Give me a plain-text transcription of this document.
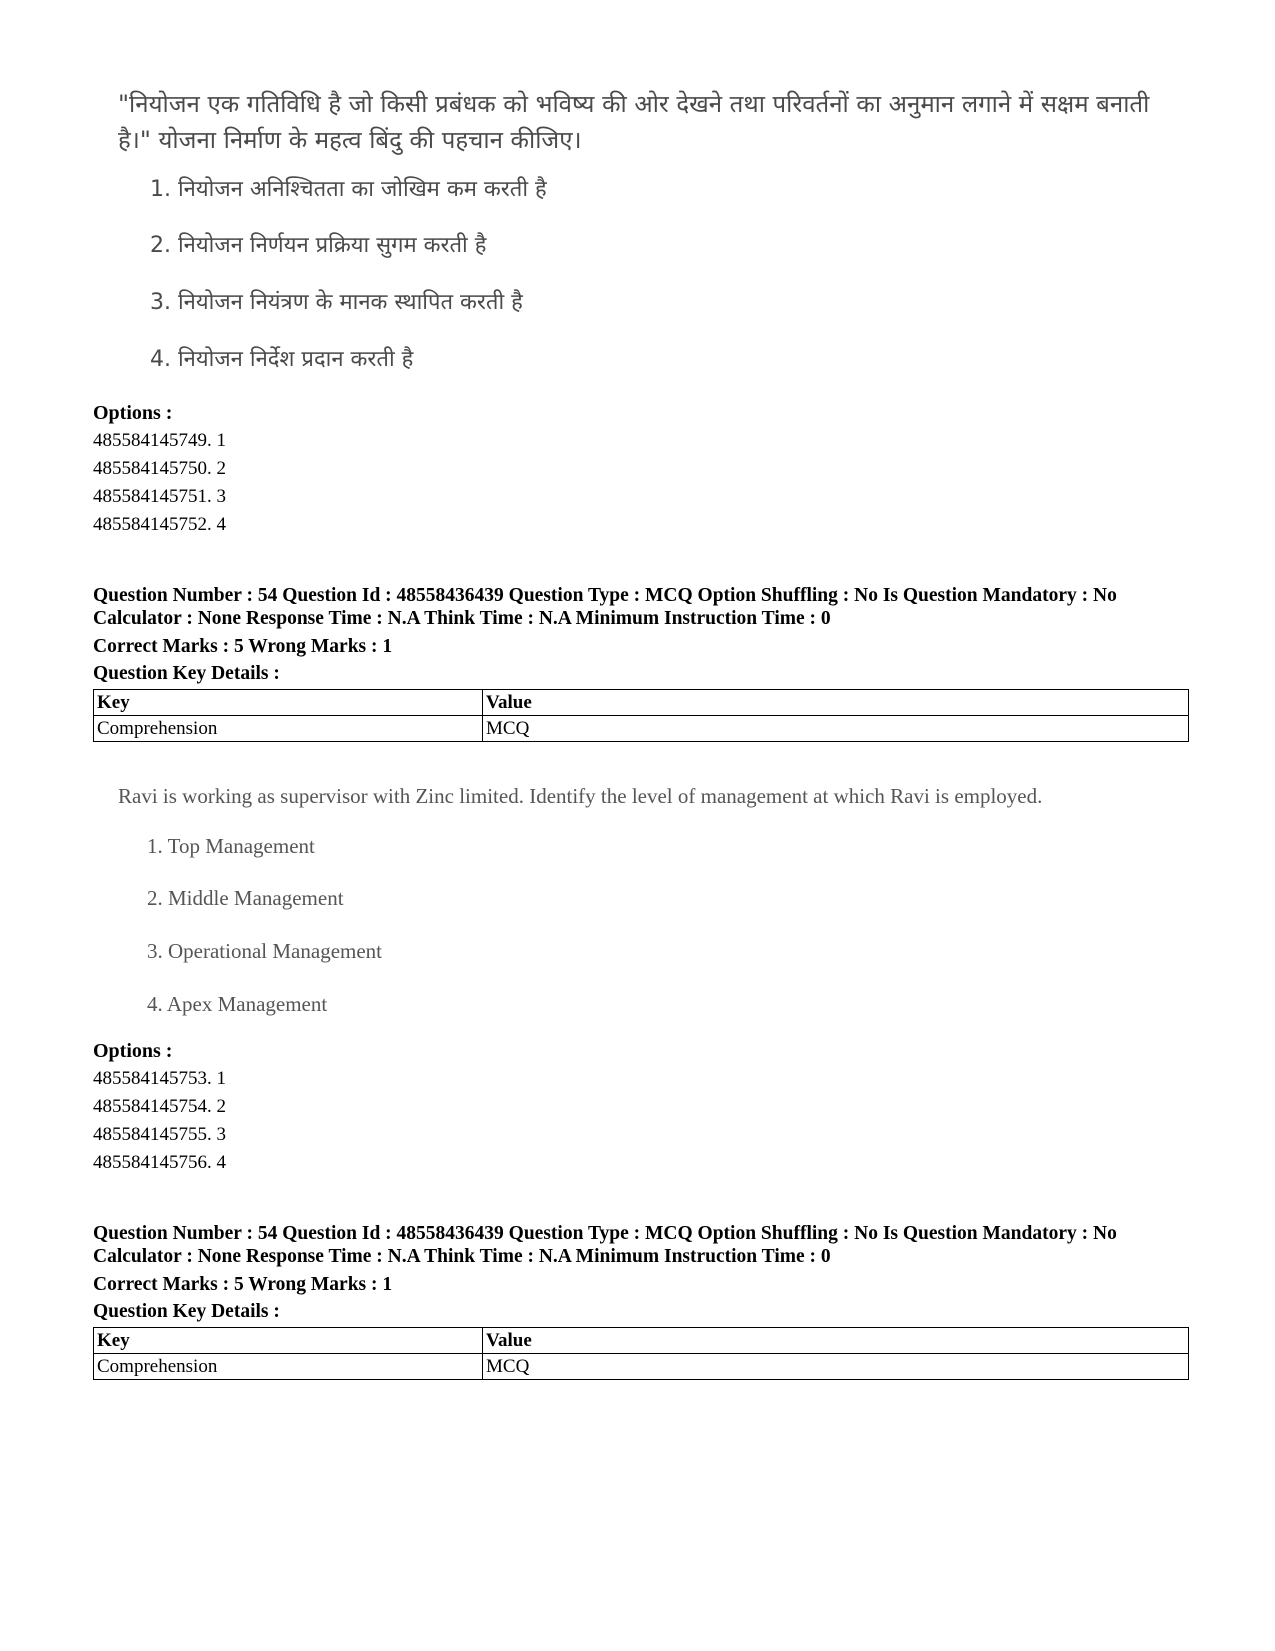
"नियोजन एक गतिविधि है जो किसी प्रबंधक को भविष्य की ओर देखने तथा परिवर्तनों का अनुमान लगाने में सक्षम बनाती है।" योजना निर्माण के महत्व बिंदु की पहचान कीजिए।
1. नियोजन अनिश्चितता का जोखिम कम करती है
2. नियोजन निर्णयन प्रक्रिया सुगम करती है
3. नियोजन नियंत्रण के मानक स्थापित करती है
4. नियोजन निर्देश प्रदान करती है
Options :
485584145749. 1
485584145750. 2
485584145751. 3
485584145752. 4
Question Number : 54 Question Id : 48558436439 Question Type : MCQ Option Shuffling : No Is Question Mandatory : No Calculator : None Response Time : N.A Think Time : N.A Minimum Instruction Time : 0
Correct Marks : 5 Wrong Marks : 1
Question Key Details :
Key	Value
Comprehension	MCQ
Ravi is working as supervisor with Zinc limited. Identify the level of management at which Ravi is employed.
1. Top Management
2. Middle Management
3. Operational Management
4. Apex Management
Options :
485584145753. 1
485584145754. 2
485584145755. 3
485584145756. 4
Question Number : 54 Question Id : 48558436439 Question Type : MCQ Option Shuffling : No Is Question Mandatory : No Calculator : None Response Time : N.A Think Time : N.A Minimum Instruction Time : 0
Correct Marks : 5 Wrong Marks : 1
Question Key Details :
Key	Value
Comprehension	MCQ
